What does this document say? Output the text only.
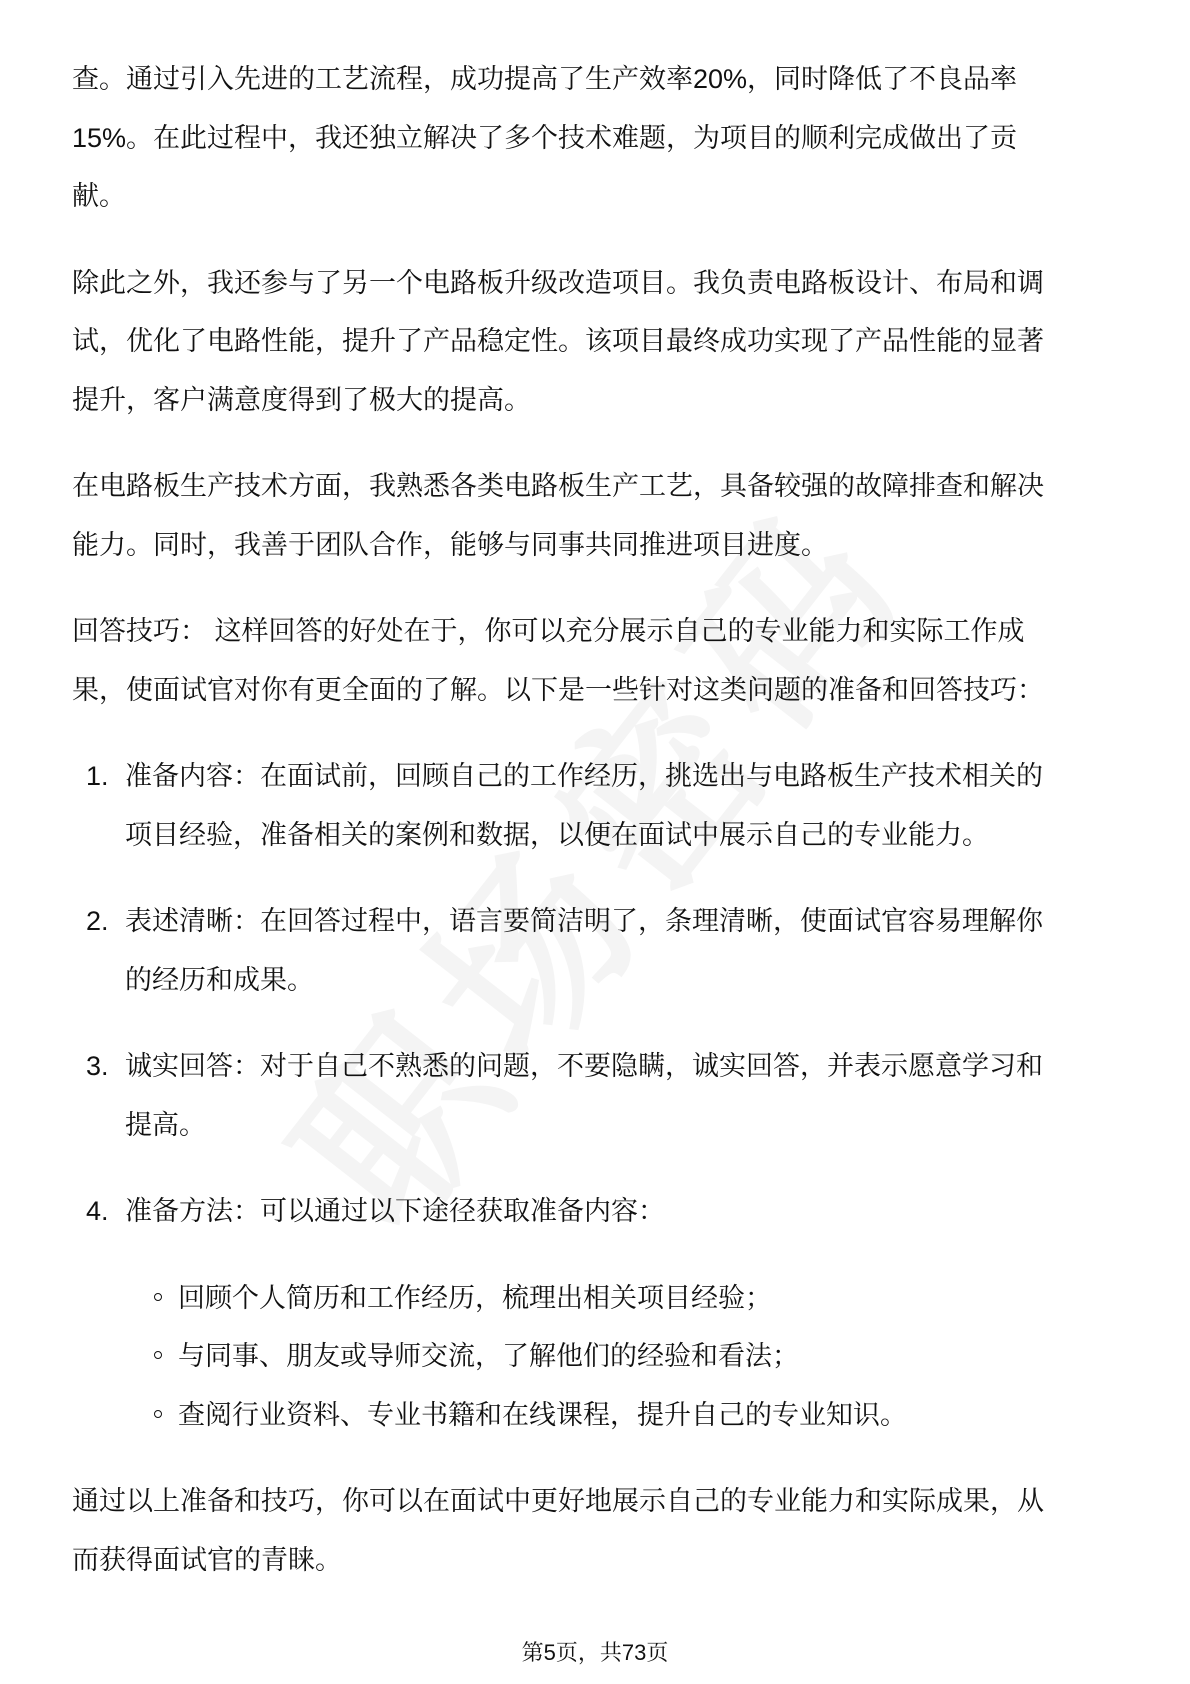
查。通过引入先进的工艺流程，成功提高了生产效率20%，同时降低了不良品率
15%。在此过程中，我还独立解决了多个技术难题，为项目的顺利完成做出了贡
献。
除此之外，我还参与了另一个电路板升级改造项目。我负责电路板设计、布局和调
试，优化了电路性能，提升了产品稳定性。该项目最终成功实现了产品性能的显著
提升，客户满意度得到了极大的提高。
在电路板生产技术方面，我熟悉各类电路板生产工艺，具备较强的故障排查和解决
能力。同时，我善于团队合作，能够与同事共同推进项目进度。
回答技巧： 这样回答的好处在于，你可以充分展示自己的专业能力和实际工作成
果，使面试官对你有更全面的了解。以下是一些针对这类问题的准备和回答技巧：
1. 准备内容：在面试前，回顾自己的工作经历，挑选出与电路板生产技术相关的
项目经验，准备相关的案例和数据，以便在面试中展示自己的专业能力。
2. 表述清晰：在回答过程中，语言要简洁明了，条理清晰，使面试官容易理解你
的经历和成果。
3. 诚实回答：对于自己不熟悉的问题，不要隐瞒，诚实回答，并表示愿意学习和
提高。
4. 准备方法：可以通过以下途径获取准备内容：
回顾个人简历和工作经历，梳理出相关项目经验；
与同事、朋友或导师交流，了解他们的经验和看法；
查阅行业资料、专业书籍和在线课程，提升自己的专业知识。
通过以上准备和技巧，你可以在面试中更好地展示自己的专业能力和实际成果，从
而获得面试官的青睐。
第5页，共73页
